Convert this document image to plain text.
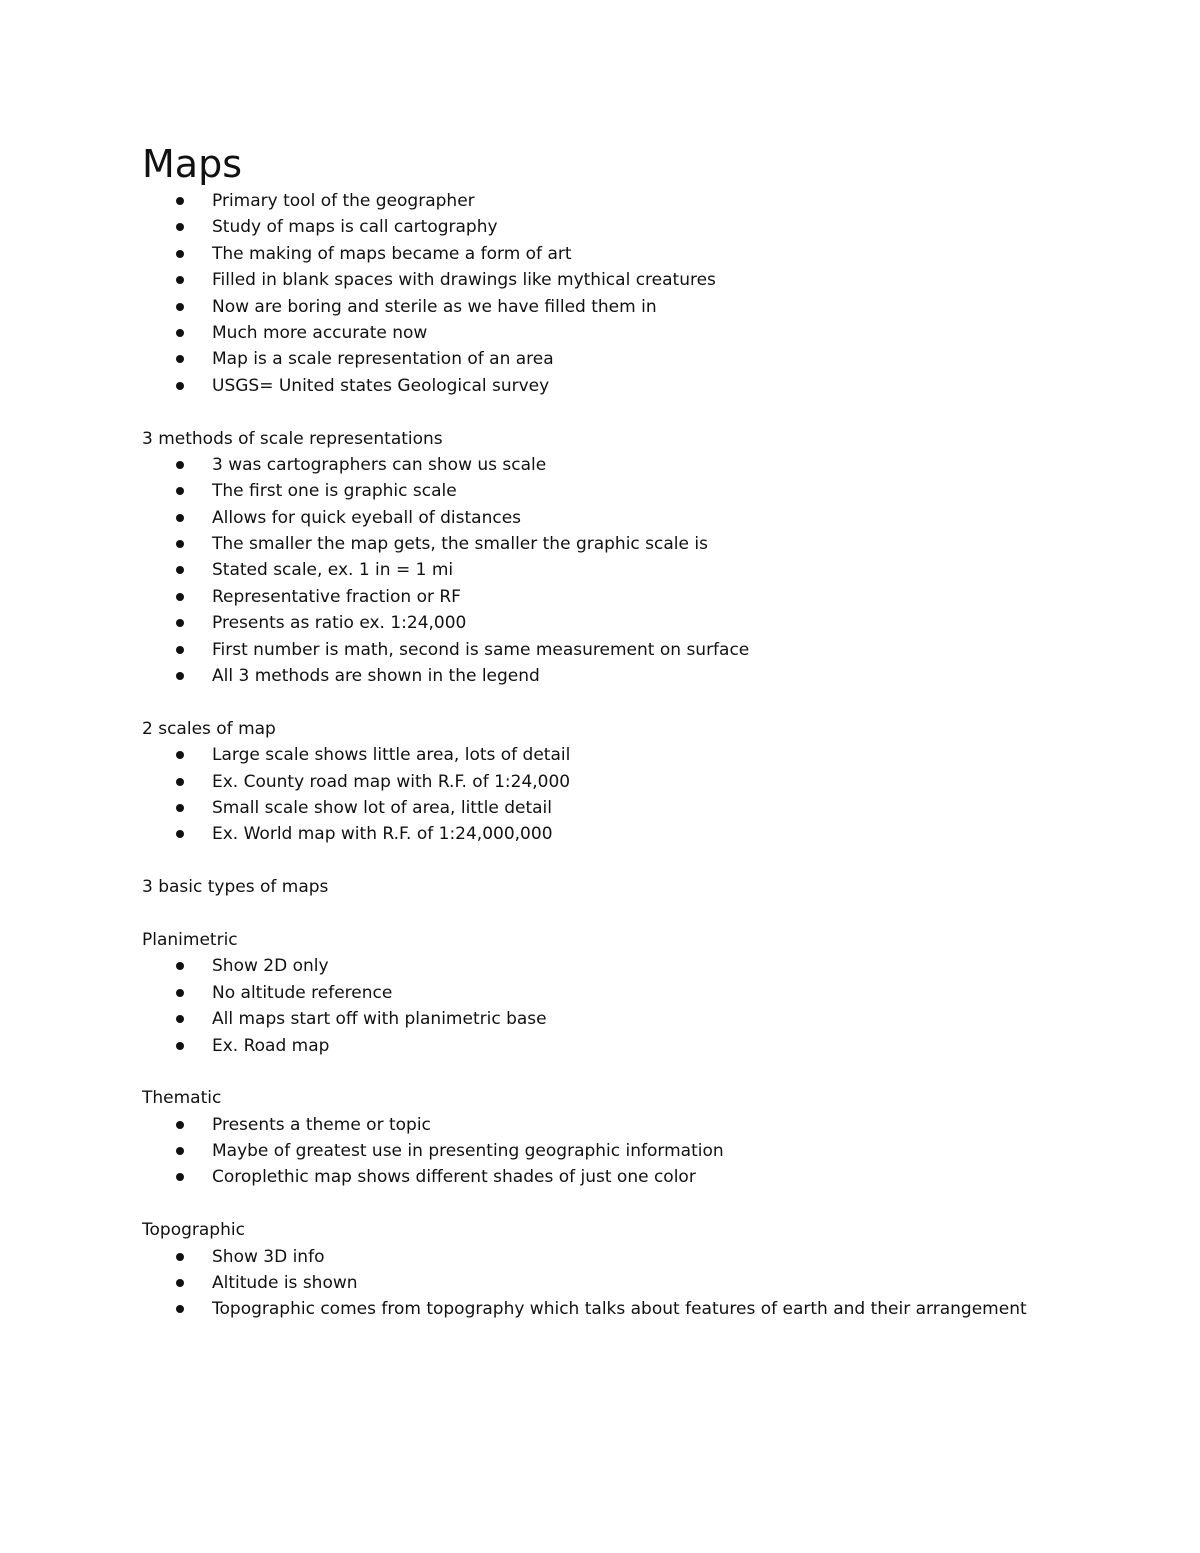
Maps
Primary tool of the geographer
Study of maps is call cartography
The making of maps became a form of art
Filled in blank spaces with drawings like mythical creatures
Now are boring and sterile as we have filled them in
Much more accurate now
Map is a scale representation of an area
USGS= United states Geological survey
3 methods of scale representations
3 was cartographers can show us scale
The first one is graphic scale
Allows for quick eyeball of distances
The smaller the map gets, the smaller the graphic scale is
Stated scale, ex. 1 in = 1 mi
Representative fraction or RF
Presents as ratio ex. 1:24,000
First number is math, second is same measurement on surface
All 3 methods are shown in the legend
2 scales of map
Large scale shows little area, lots of detail
Ex. County road map with R.F. of 1:24,000
Small scale show lot of area, little detail
Ex. World map with R.F. of 1:24,000,000
3 basic types of maps
Planimetric
Show 2D only
No altitude reference
All maps start off with planimetric base
Ex. Road map
Thematic
Presents a theme or topic
Maybe of greatest use in presenting geographic information
Coroplethic map shows different shades of just one color
Topographic
Show 3D info
Altitude is shown
Topographic comes from topography which talks about features of earth and their arrangement
